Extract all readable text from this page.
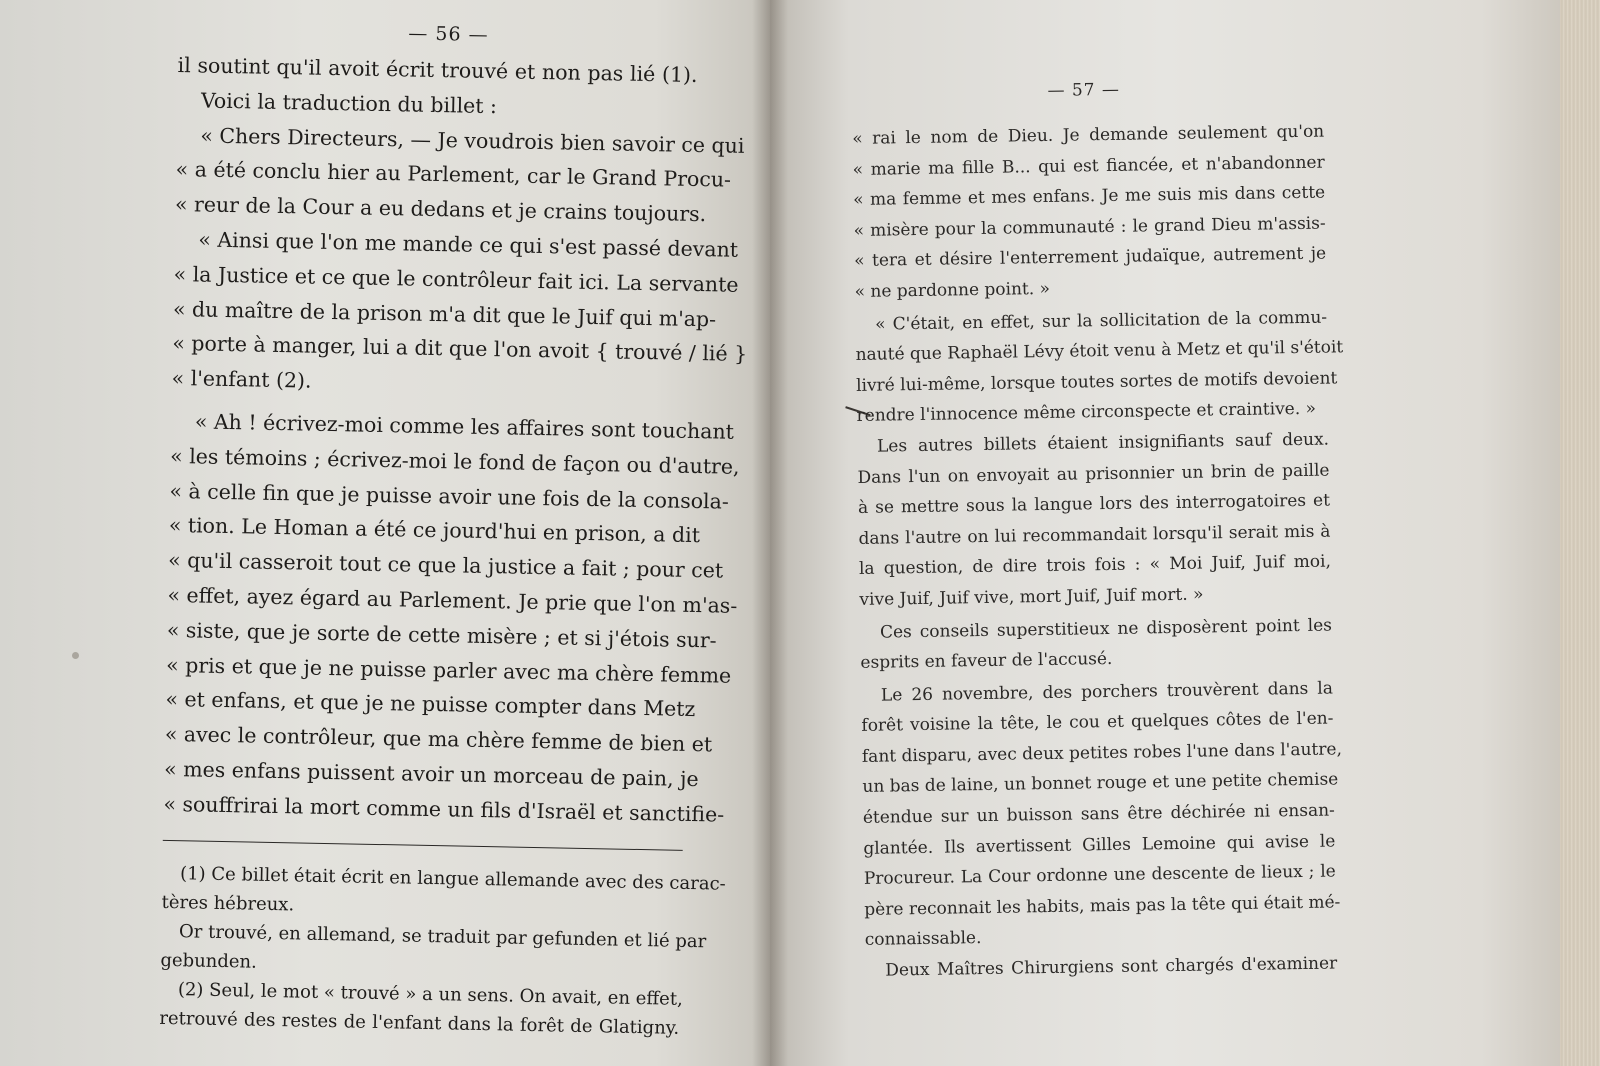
— 56 —
il soutint qu'il avoit écrit trouvé et non pas lié (1).
Voici la traduction du billet :
« Chers Directeurs, — Je voudrois bien savoir ce qui
« a été conclu hier au Parlement, car le Grand Procu-
« reur de la Cour a eu dedans et je crains toujours.
« Ainsi que l'on me mande ce qui s'est passé devant
« la Justice et ce que le contrôleur fait ici. La servante
« du maître de la prison m'a dit que le Juif qui m'ap-
« porte à manger, lui a dit que l'on avoit { trouvé / lié }
« l'enfant (2).
« Ah ! écrivez-moi comme les affaires sont touchant
« les témoins ; écrivez-moi le fond de façon ou d'autre,
« à celle fin que je puisse avoir une fois de la consola-
« tion. Le Homan a été ce jourd'hui en prison, a dit
« qu'il casseroit tout ce que la justice a fait ; pour cet
« effet, ayez égard au Parlement. Je prie que l'on m'as-
« siste, que je sorte de cette misère ; et si j'étois sur-
« pris et que je ne puisse parler avec ma chère femme
« et enfans, et que je ne puisse compter dans Metz
« avec le contrôleur, que ma chère femme de bien et
« mes enfans puissent avoir un morceau de pain, je
« souffrirai la mort comme un fils d'Israël et sanctifie-
(1) Ce billet était écrit en langue allemande avec des carac-
tères hébreux.
Or trouvé, en allemand, se traduit par gefunden et lié par
gebunden.
(2) Seul, le mot « trouvé » a un sens. On avait, en effet,
retrouvé des restes de l'enfant dans la forêt de Glatigny.
— 57 —
« rai le nom de Dieu. Je demande seulement qu'on
« marie ma fille B... qui est fiancée, et n'abandonner
« ma femme et mes enfans. Je me suis mis dans cette
« misère pour la communauté : le grand Dieu m'assis-
« tera et désire l'enterrement judaïque, autrement je
« ne pardonne point. »
« C'était, en effet, sur la sollicitation de la commu-
nauté que Raphaël Lévy étoit venu à Metz et qu'il s'étoit
livré lui-même, lorsque toutes sortes de motifs devoient
rendre l'innocence même circonspecte et craintive. »
Les autres billets étaient insignifiants sauf deux.
Dans l'un on envoyait au prisonnier un brin de paille
à se mettre sous la langue lors des interrogatoires et
dans l'autre on lui recommandait lorsqu'il serait mis à
la question, de dire trois fois : « Moi Juif, Juif moi,
vive Juif, Juif vive, mort Juif, Juif mort. »
Ces conseils superstitieux ne disposèrent point les
esprits en faveur de l'accusé.
Le 26 novembre, des porchers trouvèrent dans la
forêt voisine la tête, le cou et quelques côtes de l'en-
fant disparu, avec deux petites robes l'une dans l'autre,
un bas de laine, un bonnet rouge et une petite chemise
étendue sur un buisson sans être déchirée ni ensan-
glantée. Ils avertissent Gilles Lemoine qui avise le
Procureur. La Cour ordonne une descente de lieux ; le
père reconnait les habits, mais pas la tête qui était mé-
connaissable.
Deux Maîtres Chirurgiens sont chargés d'examiner
